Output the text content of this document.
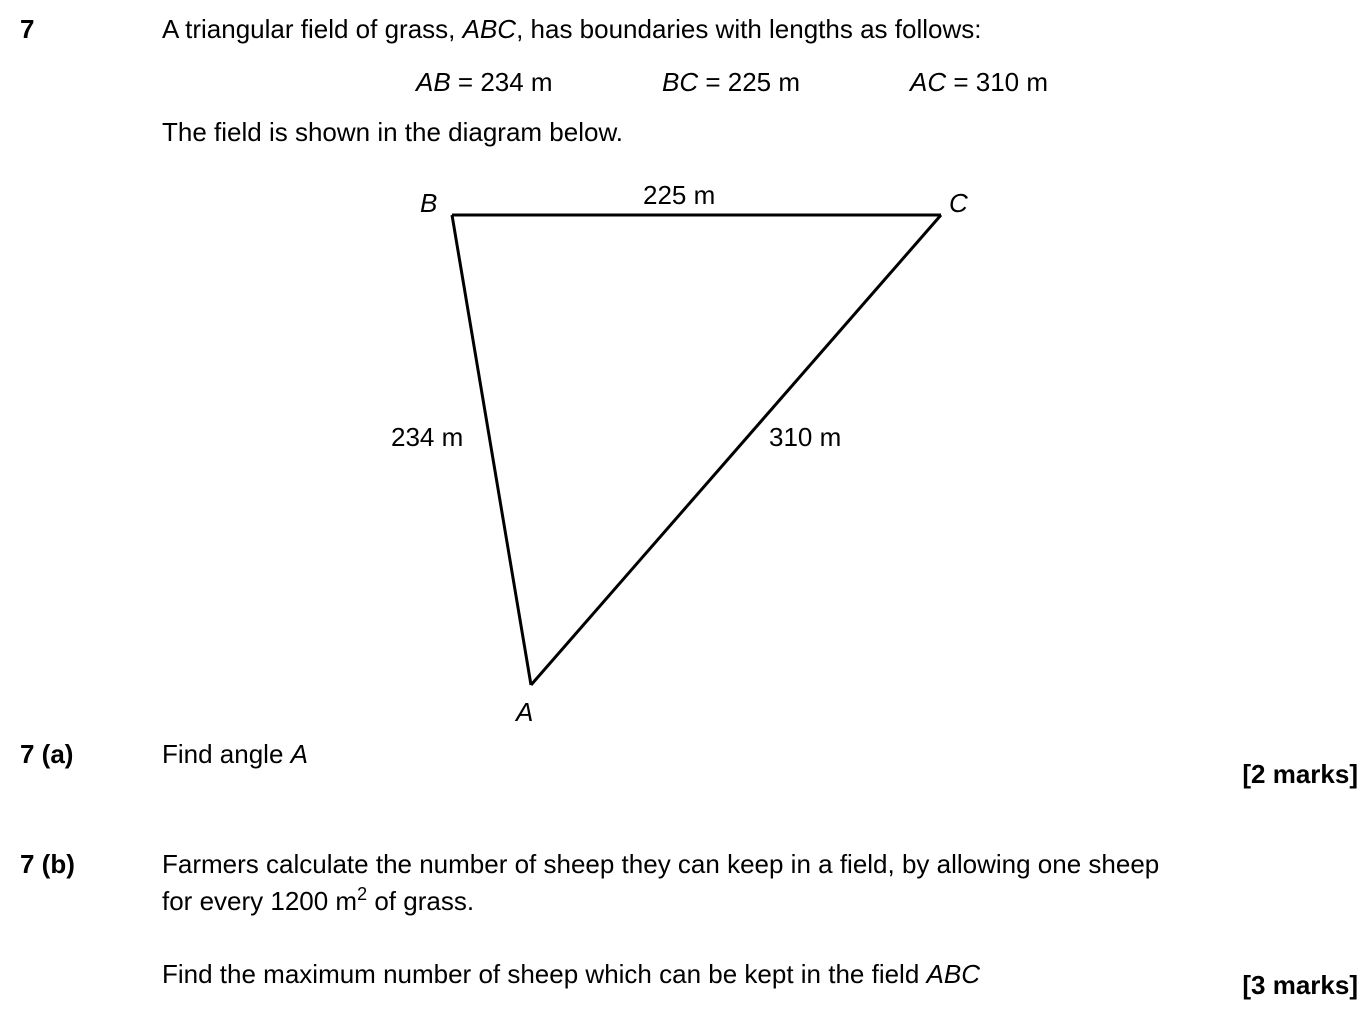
7	A triangular field of grass, ABC, has boundaries with lengths as follows:
AB = 234 m	BC = 225 m	AC = 310 m
The field is shown in the diagram below.
B	C
A
225 m
234 m	310 m
7 (a)	Find angle A
[2 marks]
7 (b)	Farmers calculate the number of sheep they can keep in a field, by allowing one sheep
for every 1200 $m^2$ of grass.
Find the maximum number of sheep which can be kept in the field ABC	[3 marks]
